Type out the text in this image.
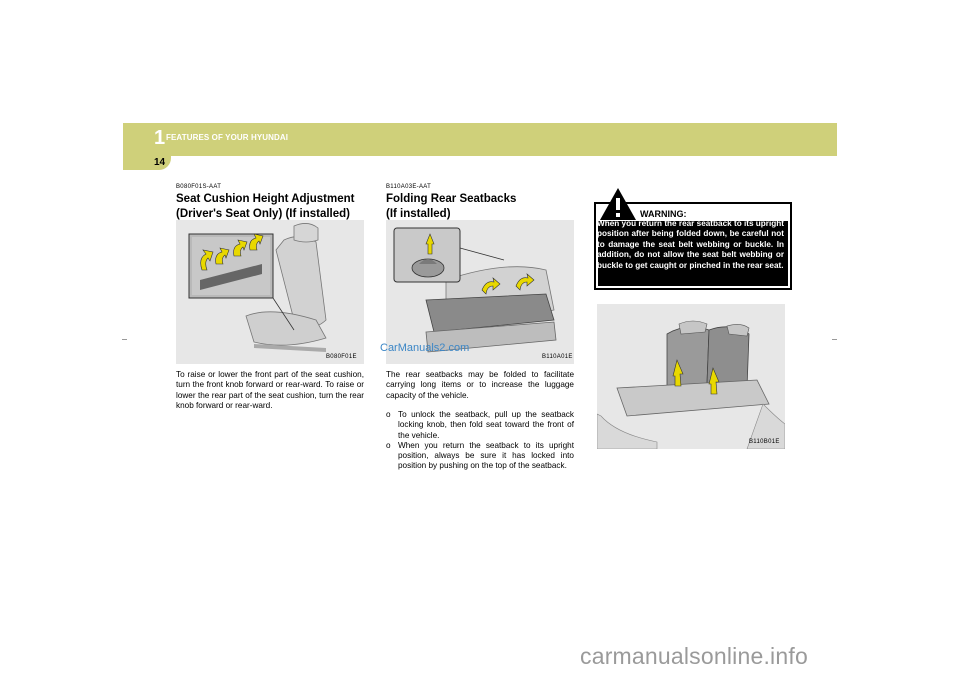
1 FEATURES OF YOUR HYUNDAI
14
B080F01S-AAT
Seat Cushion Height Adjustment
(Driver's Seat Only) (If installed)
B080F01E
To raise or lower the front part of the seat cushion, turn the front knob forward or rear-ward. To raise or lower the rear part of the seat cushion, turn the rear knob forward or rear-ward.
B110A03E-AAT
Folding Rear Seatbacks
(If installed)
B110A01E
The rear seatbacks may be folded to facilitate carrying long items or to increase the luggage capacity of the vehicle.
o To unlock the seatback, pull up the seatback locking knob, then fold seat toward the front of the vehicle.
o When you return the seatback to its upright position, always be sure it has locked into position by pushing on the top of the seatback.
WARNING:
When you return the rear seatback to its upright position after being folded down, be careful not to damage the seat belt webbing or buckle. In addition, do not allow the seat belt webbing or buckle to get caught or pinched in the rear seat.
B110B01E
CarManuals2.com
carmanualsonline.info
